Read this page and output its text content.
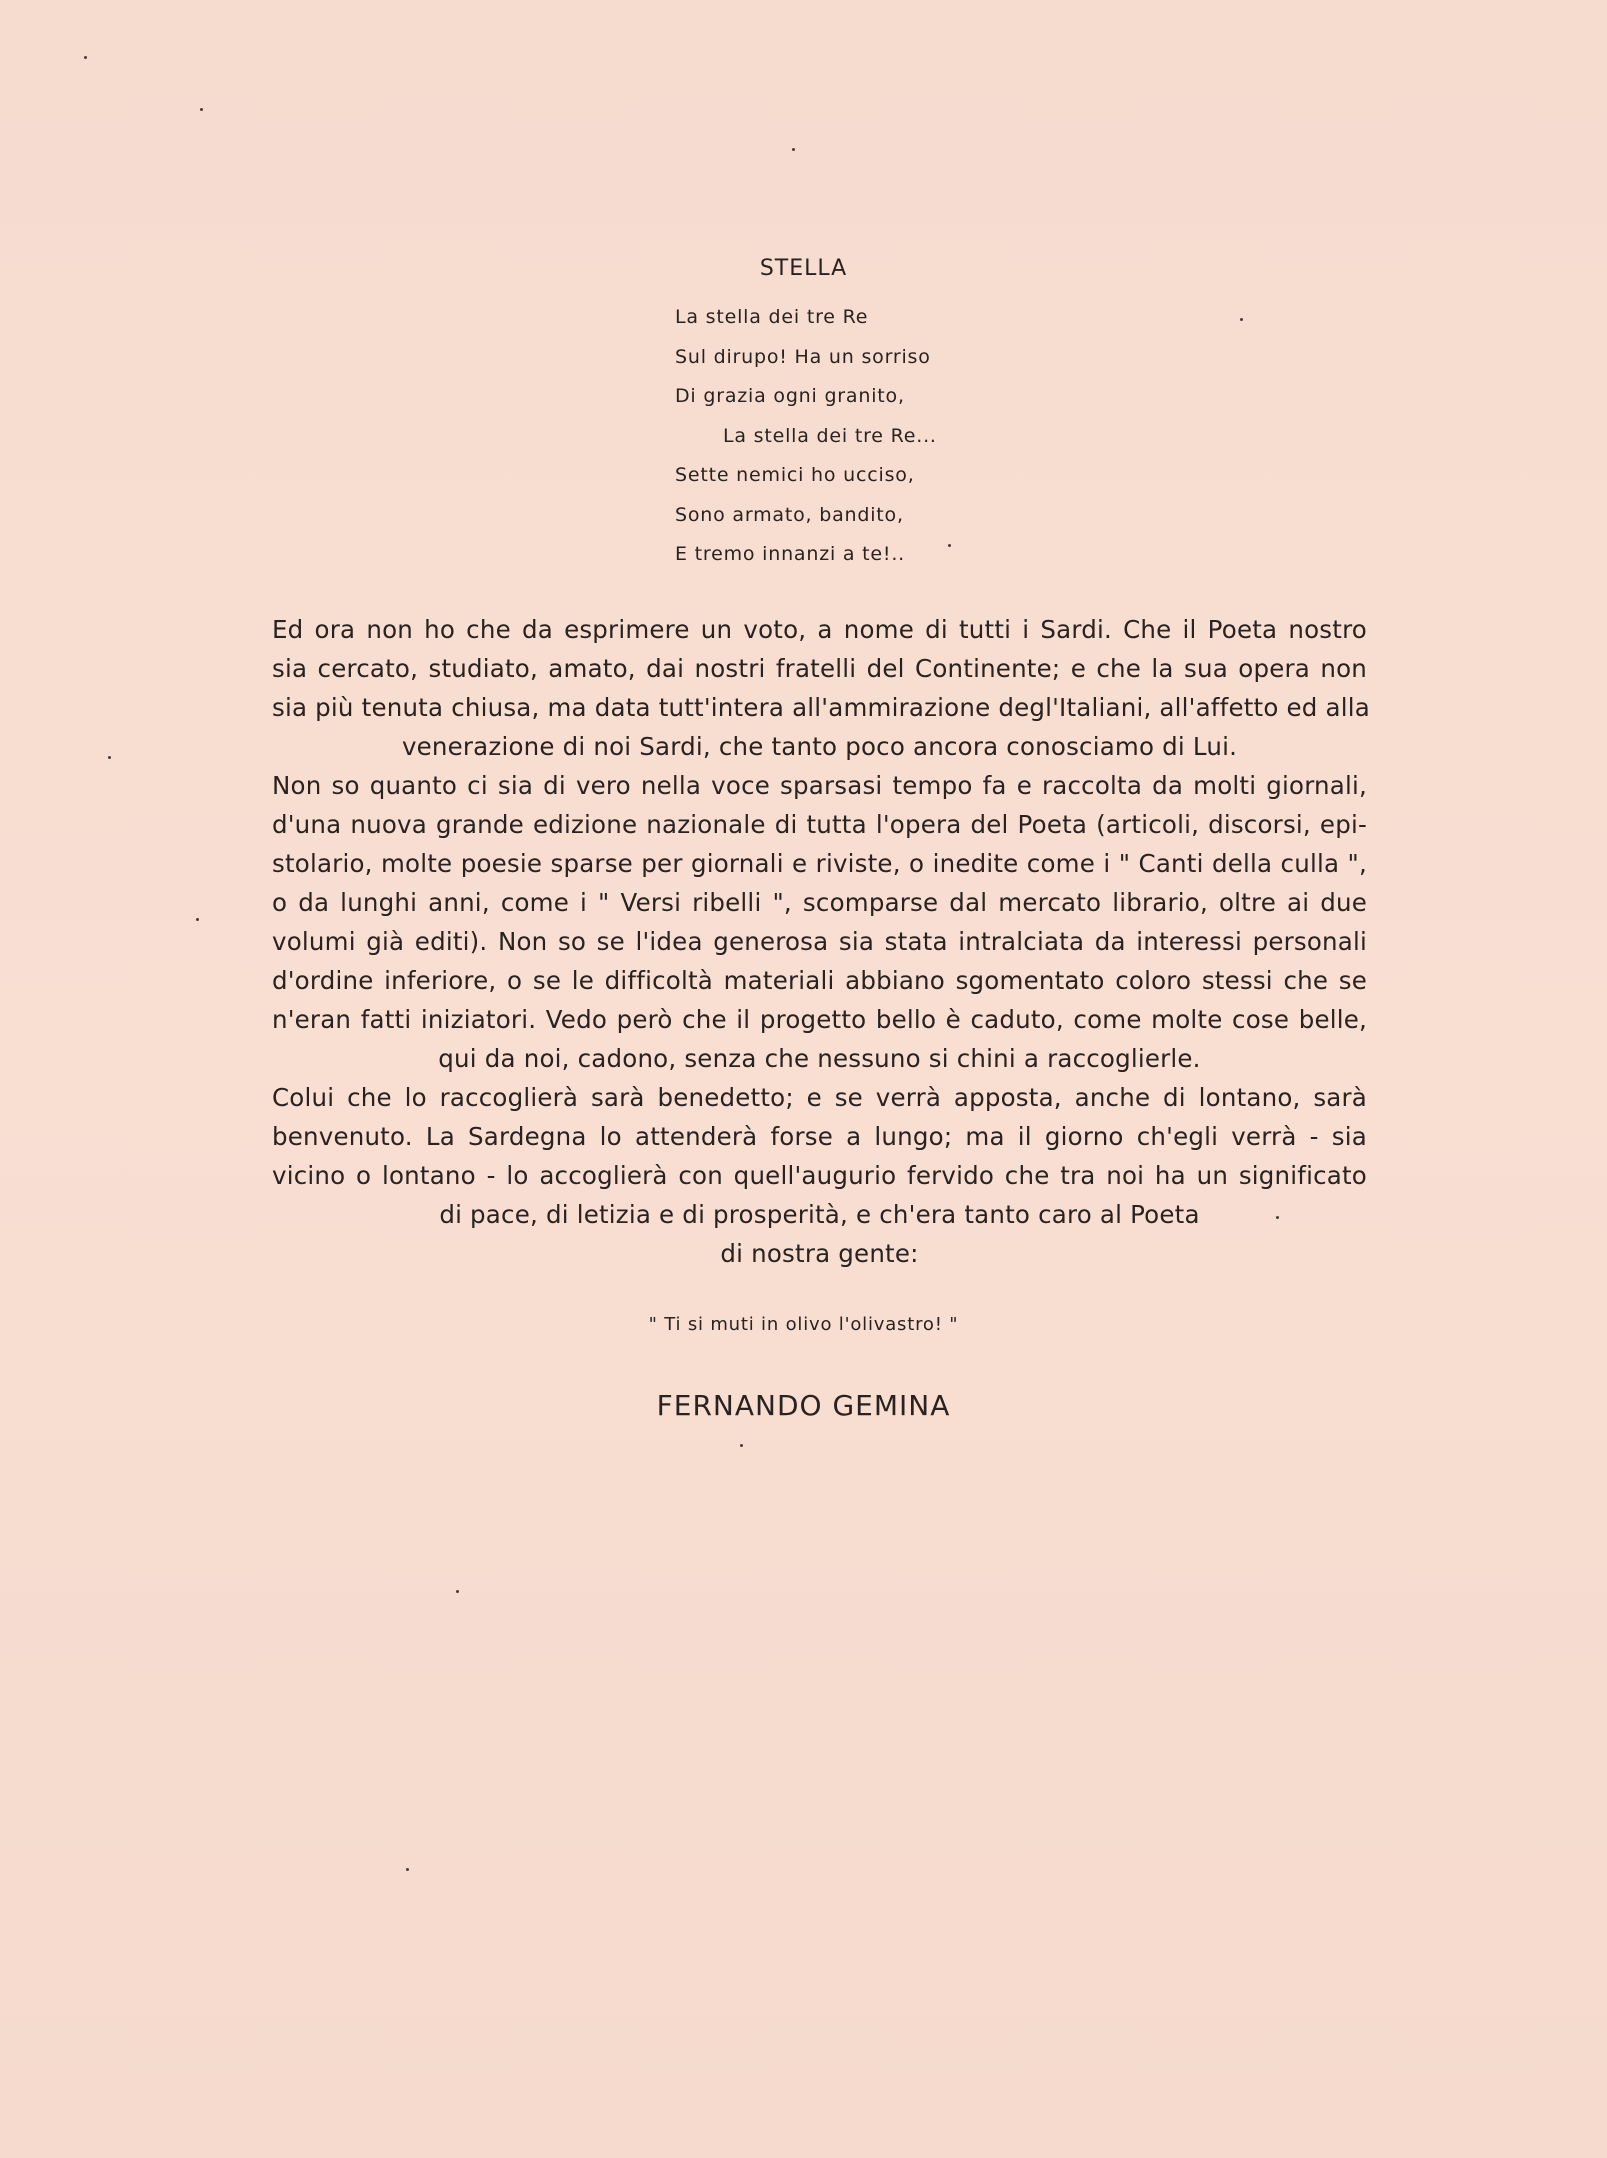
STELLA
La stella dei tre Re
Sul dirupo! Ha un sorriso
Di grazia ogni granito,
La stella dei tre Re...
Sette nemici ho ucciso,
Sono armato, bandito,
E tremo innanzi a te!..
Ed ora non ho che da esprimere un voto, a nome di tutti i Sardi. Che il Poeta nostro
sia cercato, studiato, amato, dai nostri fratelli del Continente; e che la sua opera non
sia più tenuta chiusa, ma data tutt'intera all'ammirazione degl'Italiani, all'affetto ed alla
venerazione di noi Sardi, che tanto poco ancora conosciamo di Lui.
Non so quanto ci sia di vero nella voce sparsasi tempo fa e raccolta da molti giornali,
d'una nuova grande edizione nazionale di tutta l'opera del Poeta (articoli, discorsi, epi-
stolario, molte poesie sparse per giornali e riviste, o inedite come i " Canti della culla ",
o da lunghi anni, come i " Versi ribelli ", scomparse dal mercato librario, oltre ai due
volumi già editi). Non so se l'idea generosa sia stata intralciata da interessi personali
d'ordine inferiore, o se le difficoltà materiali abbiano sgomentato coloro stessi che se
n'eran fatti iniziatori. Vedo però che il progetto bello è caduto, come molte cose belle,
qui da noi, cadono, senza che nessuno si chini a raccoglierle.
Colui che lo raccoglierà sarà benedetto; e se verrà apposta, anche di lontano, sarà
benvenuto. La Sardegna lo attenderà forse a lungo; ma il giorno ch'egli verrà - sia
vicino o lontano - lo accoglierà con quell'augurio fervido che tra noi ha un significato
di pace, di letizia e di prosperità, e ch'era tanto caro al Poeta
di nostra gente:
" Ti si muti in olivo l'olivastro! "
FERNANDO GEMINA
